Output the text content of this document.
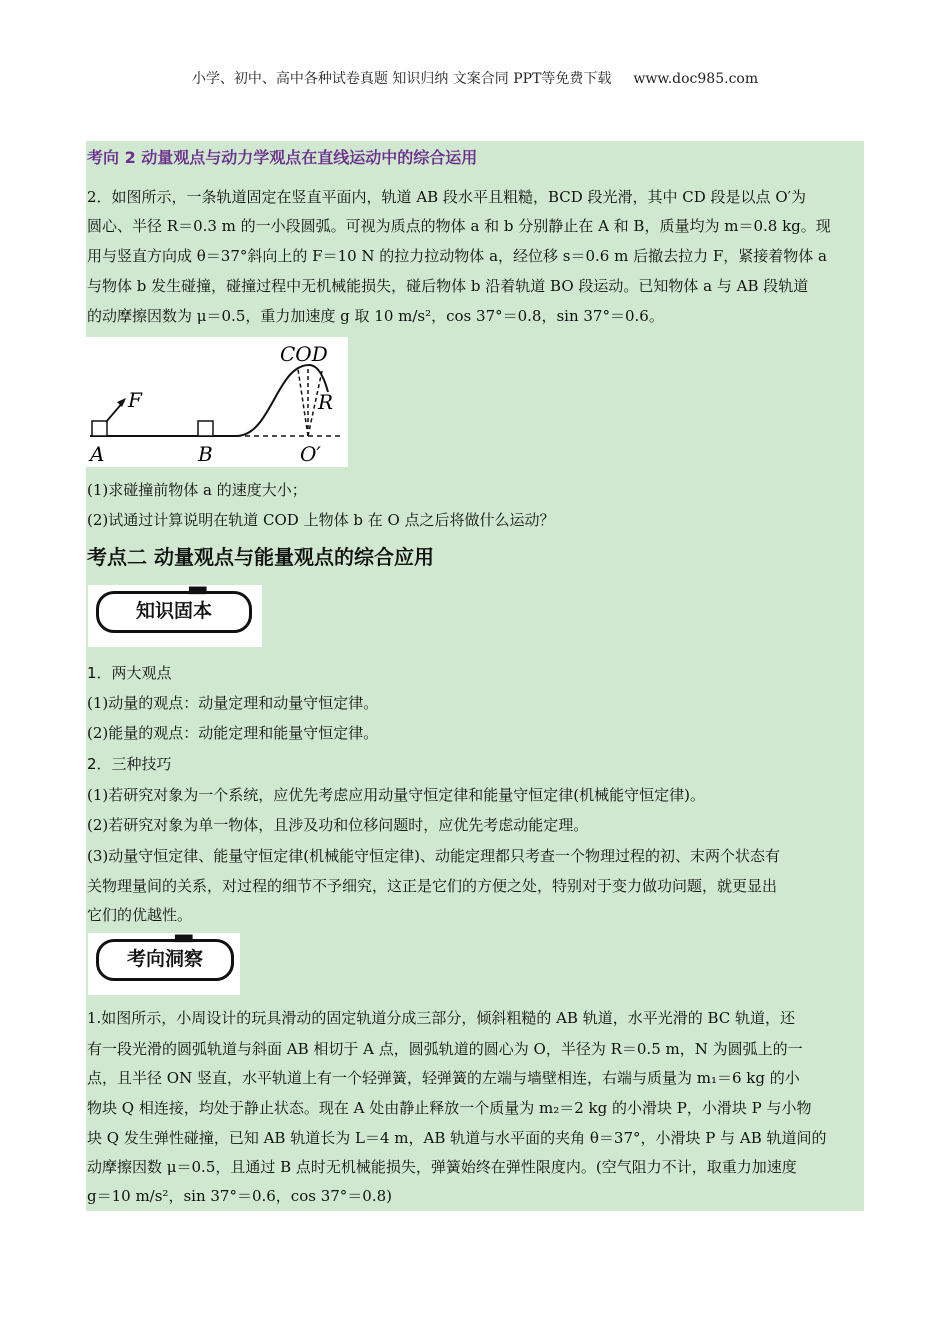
小学、初中、高中各种试卷真题 知识归纳 文案合同 PPT等免费下载 www.doc985.com
考向 2 动量观点与动力学观点在直线运动中的综合运用
2．如图所示，一条轨道固定在竖直平面内，轨道 AB 段水平且粗糙，BCD 段光滑，其中 CD 段是以点 O′为
圆心、半径 R＝0.3 m 的一小段圆弧。可视为质点的物体 a 和 b 分别静止在 A 和 B，质量均为 m＝0.8 kg。现
用与竖直方向成 θ＝37°斜向上的 F＝10 N 的拉力拉动物体 a，经位移 s＝0.6 m 后撤去拉力 F，紧接着物体 a
与物体 b 发生碰撞，碰撞过程中无机械能损失，碰后物体 b 沿着轨道 BO 段运动。已知物体 a 与 AB 段轨道
的动摩擦因数为 μ＝0.5，重力加速度 g 取 10 m/s²，cos 37°＝0.8，sin 37°＝0.6。
A	B	O′
F	R
COD
(1)求碰撞前物体 a 的速度大小；
(2)试通过计算说明在轨道 COD 上物体 b 在 O 点之后将做什么运动？
考点二 动量观点与能量观点的综合应用
▮▮▮▮▮
知识固本
1．两大观点
(1)动量的观点：动量定理和动量守恒定律。
(2)能量的观点：动能定理和能量守恒定律。
2．三种技巧
(1)若研究对象为一个系统，应优先考虑应用动量守恒定律和能量守恒定律(机械能守恒定律)。
(2)若研究对象为单一物体，且涉及功和位移问题时，应优先考虑动能定理。
(3)动量守恒定律、能量守恒定律(机械能守恒定律)、动能定理都只考查一个物理过程的初、末两个状态有
关物理量间的关系，对过程的细节不予细究，这正是它们的方便之处，特别对于变力做功问题，就更显出
它们的优越性。
▮▮▮▮▮
考向洞察
1.如图所示，小周设计的玩具滑动的固定轨道分成三部分，倾斜粗糙的 AB 轨道，水平光滑的 BC 轨道，还
有一段光滑的圆弧轨道与斜面 AB 相切于 A 点，圆弧轨道的圆心为 O，半径为 R＝0.5 m，N 为圆弧上的一
点，且半径 ON 竖直，水平轨道上有一个轻弹簧，轻弹簧的左端与墙壁相连，右端与质量为 m₁＝6 kg 的小
物块 Q 相连接，均处于静止状态。现在 A 处由静止释放一个质量为 m₂＝2 kg 的小滑块 P，小滑块 P 与小物
块 Q 发生弹性碰撞，已知 AB 轨道长为 L＝4 m，AB 轨道与水平面的夹角 θ＝37°，小滑块 P 与 AB 轨道间的
动摩擦因数 μ＝0.5，且通过 B 点时无机械能损失，弹簧始终在弹性限度内。(空气阻力不计，取重力加速度
g＝10 m/s²，sin 37°＝0.6，cos 37°＝0.8)
